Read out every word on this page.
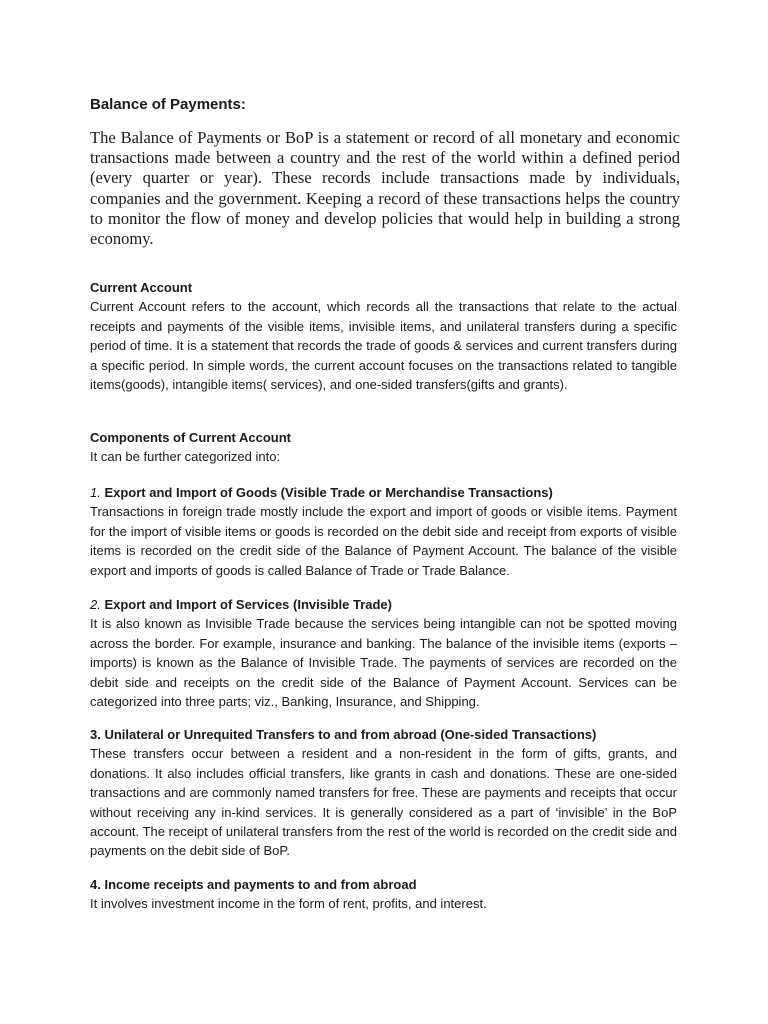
Balance of Payments:
The Balance of Payments or BoP is a statement or record of all monetary and economic transactions made between a country and the rest of the world within a defined period (every quarter or year). These records include transactions made by individuals, companies and the government. Keeping a record of these transactions helps the country to monitor the flow of money and develop policies that would help in building a strong economy.
Current Account
Current Account refers to the account, which records all the transactions that relate to the actual receipts and payments of the visible items, invisible items, and unilateral transfers during a specific period of time. It is a statement that records the trade of goods & services and current transfers during a specific period. In simple words, the current account focuses on the transactions related to tangible items(goods), intangible items( services), and one-sided transfers(gifts and grants).
Components of Current Account
It can be further categorized into:
1. Export and Import of Goods (Visible Trade or Merchandise Transactions)
Transactions in foreign trade mostly include the export and import of goods or visible items. Payment for the import of visible items or goods is recorded on the debit side and receipt from exports of visible items is recorded on the credit side of the Balance of Payment Account. The balance of the visible export and imports of goods is called Balance of Trade or Trade Balance.
2. Export and Import of Services (Invisible Trade)
It is also known as Invisible Trade because the services being intangible can not be spotted moving across the border. For example, insurance and banking. The balance of the invisible items (exports – imports) is known as the Balance of Invisible Trade. The payments of services are recorded on the debit side and receipts on the credit side of the Balance of Payment Account. Services can be categorized into three parts; viz., Banking, Insurance, and Shipping.
3. Unilateral or Unrequited Transfers to and from abroad (One-sided Transactions)
These transfers occur between a resident and a non-resident in the form of gifts, grants, and donations. It also includes official transfers, like grants in cash and donations. These are one-sided transactions and are commonly named transfers for free. These are payments and receipts that occur without receiving any in-kind services. It is generally considered as a part of ‘invisible’ in the BoP account. The receipt of unilateral transfers from the rest of the world is recorded on the credit side and payments on the debit side of BoP.
4. Income receipts and payments to and from abroad
It involves investment income in the form of rent, profits, and interest.
